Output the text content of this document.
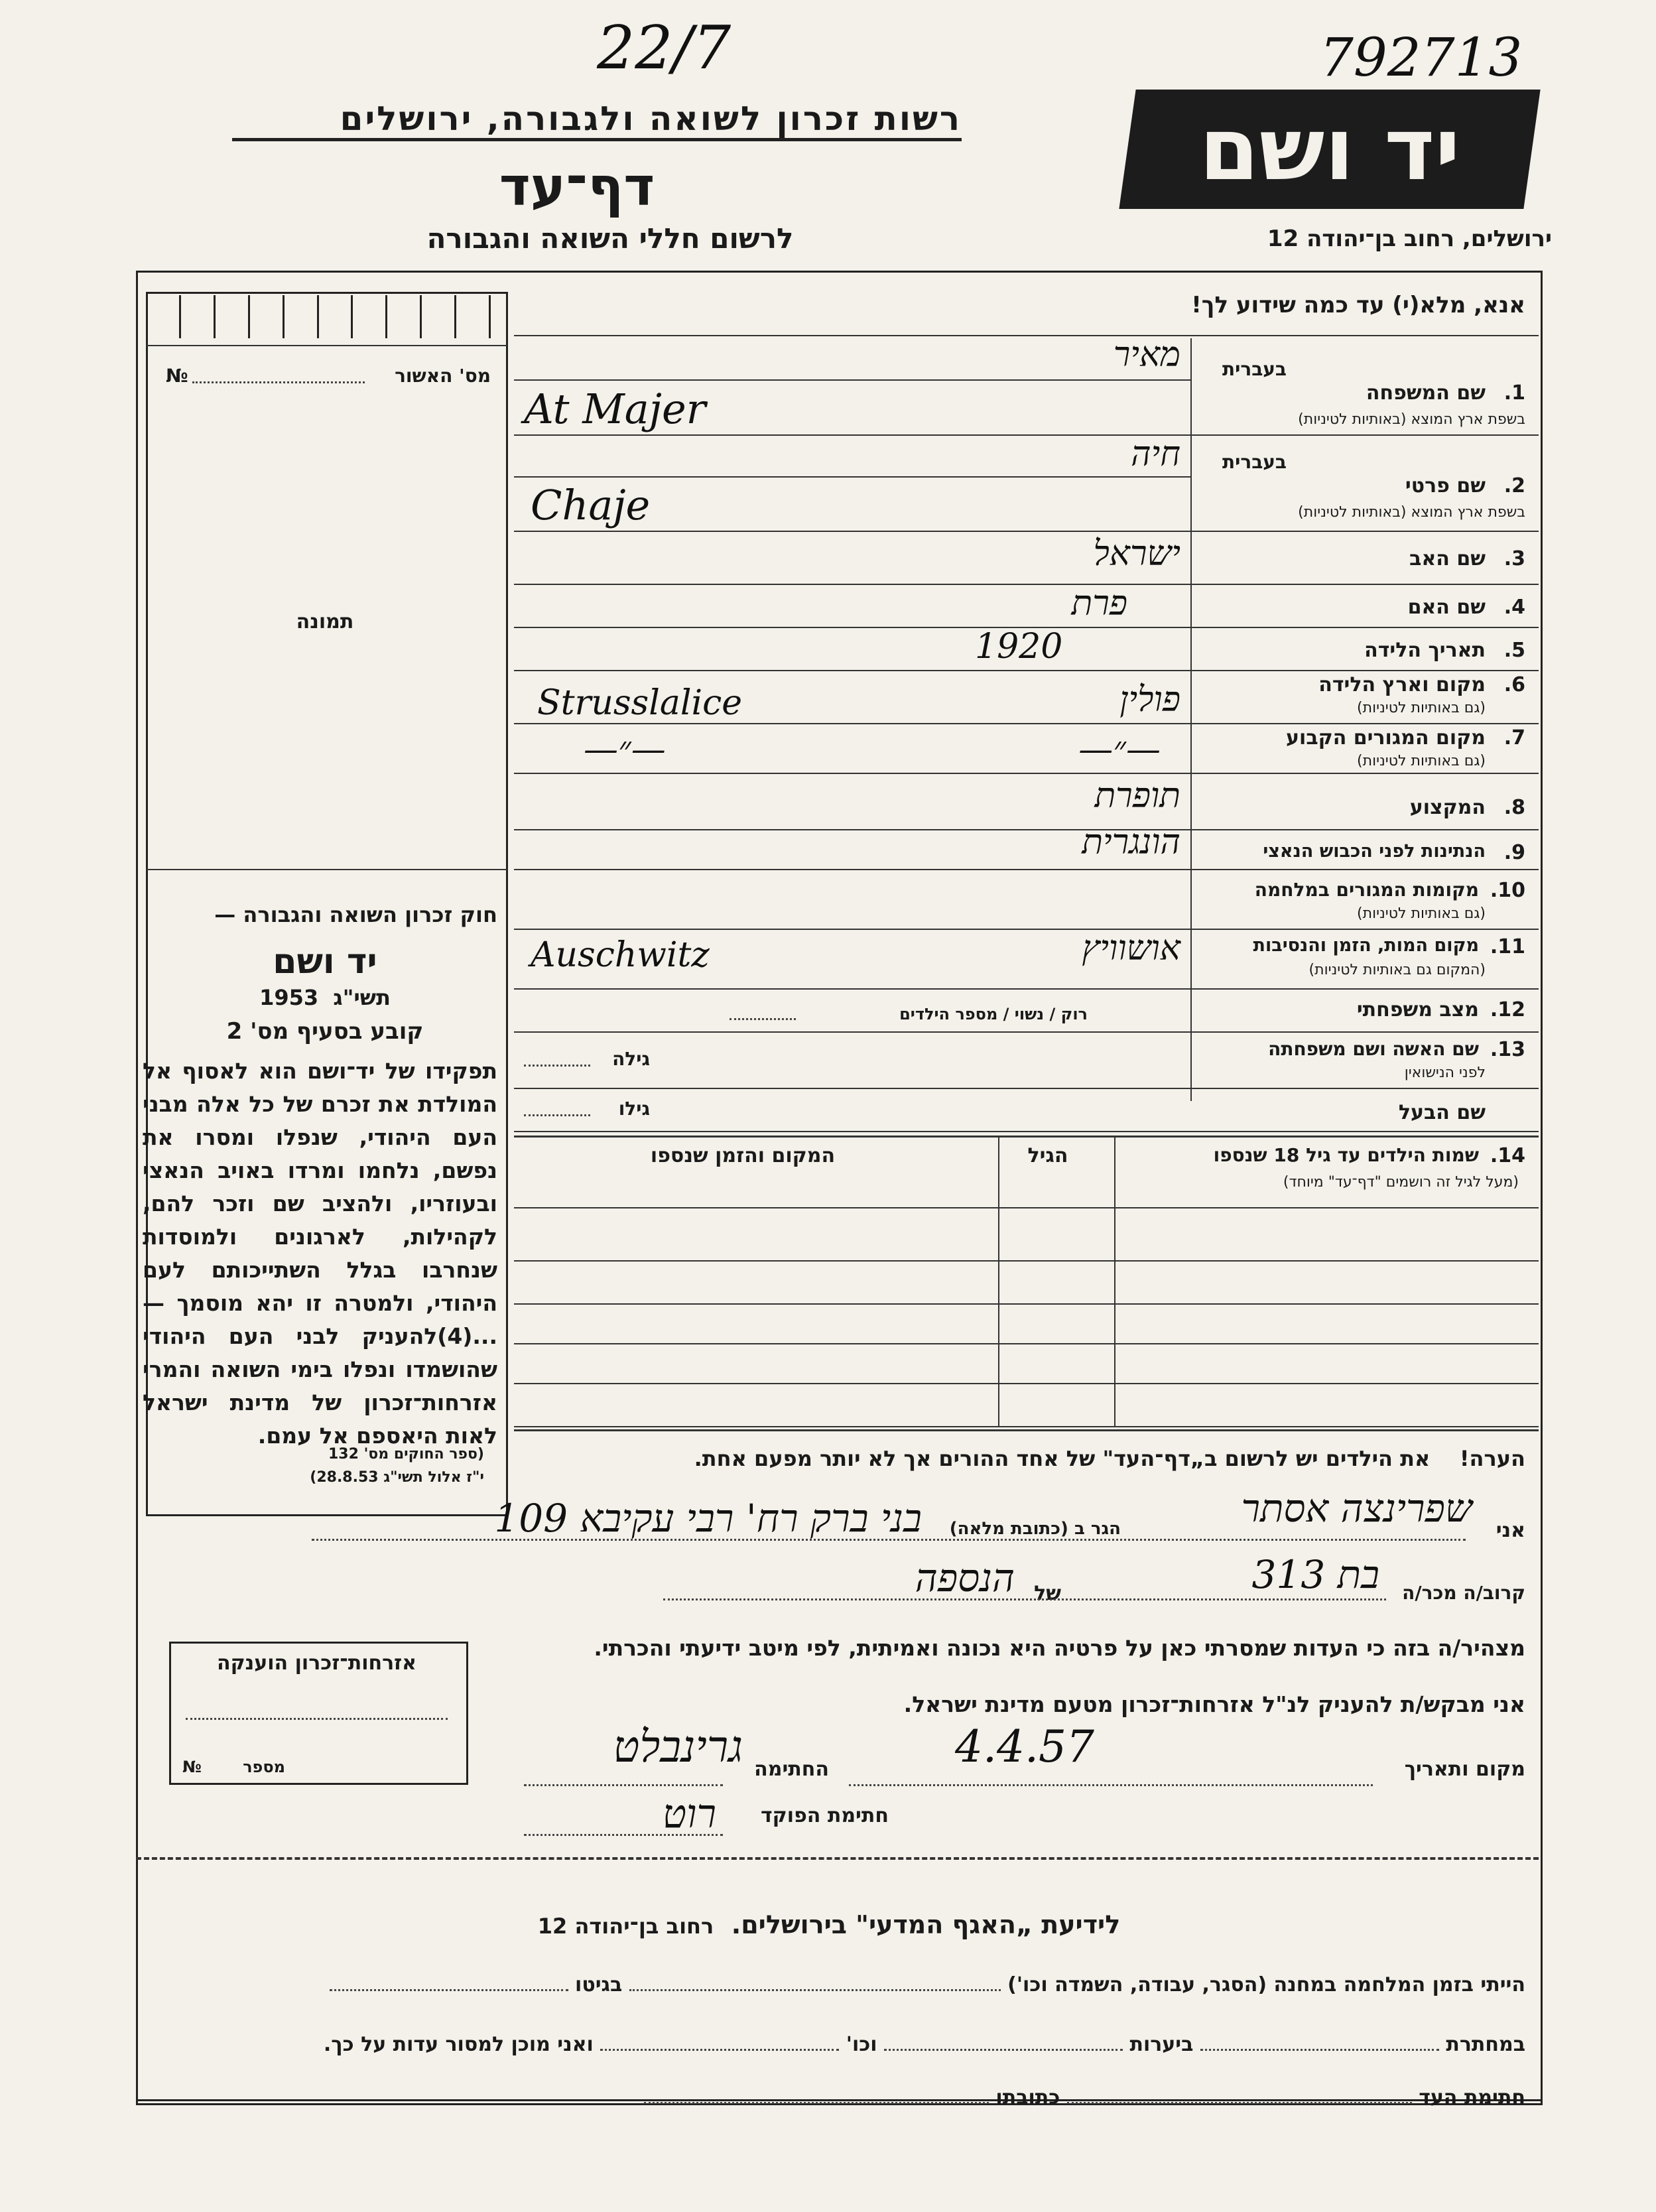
22/7	792713
רשות זכרון לשואה ולגבורה, ירושלים
דף־עד
לרשום חללי השואה והגבורה
יד ושם
ירושלים, רחוב בן־יהודה 12
אנא, מלא(י) עד כמה שידוע לך!
מס' האשור
№
תמונה
חוק זכרון השואה והגבורה —
יד ושם
תשי"ג  1953
קובע בסעיף מס' 2
תפקידו של יד־ושם הוא לאסוף אל המולדת את זכרם של כל אלה מבני העם היהודי, שנפלו ומסרו את נפשם, נלחמו ומרדו באויב הנאצי ובעוזריו, ולהציב שם וזכר להם, לקהילות, לארגונים ולמוסדות שנחרבו בגלל השתייכותם לעם היהודי, ולמטרה זו יהא מוסמך — ...(4)להעניק לבני העם היהודי שהושמדו ונפלו בימי השואה והמרי אזרחות־זכרון של מדינת ישראל לאות היאספם אל עמם.
(ספר החוקים מס' 132
י"ז אלול תשי"ג 28.8.53)
בעברית
1.
שם המשפחה
בשפת ארץ המוצא (באותיות לטיניות)
מאיר
At Majer
בעברית
2.
שם פרטי
בשפת ארץ המוצא (באותיות לטיניות)
חיה
Chaje
3.
שם האב
ישראל
4.
שם האם
פרת
5.
תאריך הלידה
1920
6.
מקום וארץ הלידה
(גם באותיות לטיניות)
פולין
Strusslalice
7.
מקום המגורים הקבוע
(גם באותיות לטיניות)
—״—
—״—
8.
המקצוע
תופרת
9.
הנתינות לפני הכבוש הנאצי
הונגרית
10.
מקומות המגורים במלחמה
(גם באותיות לטיניות)
11.
מקום המות, הזמן והנסיבות
(המקום גם באותיות לטיניות)
אושוויץ
Auschwitz
12.
מצב משפחתי
רוק / נשוי / מספר הילדים
13.
שם האשה ושם משפחתה
לפני הנישואין
גילה
שם הבעל
גילו
14.
שמות הילדים עד גיל 18 שנספו
(מעל לגיל זה רושמים "דף־עד" מיוחד)
הגיל
המקום והזמן שנספו
הערה!    את הילדים יש לרשום ב„דף־העד" של אחד ההורים אך לא יותר מפעם אחת.
אני
שפרינצה אסתר
הגר ב (כתובת מלאה)
בני ברק רח' רבי עקיבא 109
קרוב/ה מכר/ה
בת 313
של
הנספה
מצהיר/ה בזה כי העדות שמסרתי כאן על פרטיה היא נכונה ואמיתית, לפי מיטב ידיעתי והכרתי.
אני מבקש/ת להעניק לנ"ל אזרחות־זכרון מטעם מדינת ישראל.
מקום ותאריך
4.4.57
החתימה
גרינבלט
חתימת הפוקד
רוט
אזרחות־זכרון הוענקה
מספר
№
לידיעת „האגף המדעי" בירושלים.  רחוב בן־יהודה 12
הייתי בזמן המלחמה במחנה (הסגר, עבודה, השמדה וכו')  בגיטו
במחתרת  ביערות  וכו'  ואני מוכן למסור עדות על כך.
חתימת העד  כתובתו
